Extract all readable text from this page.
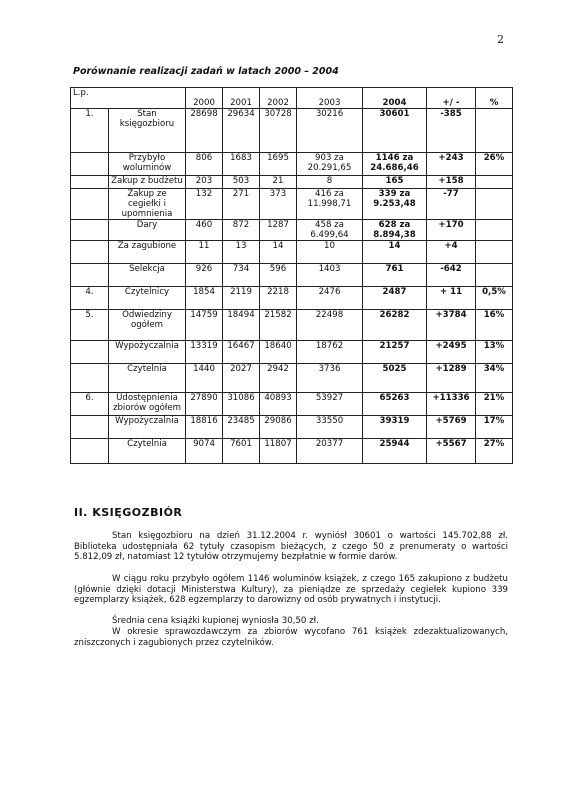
2
Porównanie realizacji zadań w latach 2000 – 2004
L.p.		2000	2001	2002	2003	2004	+/ -	%
1.	Stan księgozbioru	28698	29634	30728	30216	30601	-385	
	Przybyło woluminów	806	1683	1695	903 za 20.291,65	1146 za 24.686,46	+243	26%
	Zakup z budżetu	203	503	21	8	165	+158	
	Zakup ze cegiełki i upomnienia	132	271	373	416 za 11.998,71	339 za 9.253,48	-77	
	Dary	460	872	1287	458 za 6.499,64	628 za 8.894,38	+170	
	Za zagubione	11	13	14	10	14	+4	
	Selekcja	926	734	596	1403	761	-642	
4.	Czytelnicy	1854	2119	2218	2476	2487	+ 11	0,5%
5.	Odwiedziny ogółem	14759	18494	21582	22498	26282	+3784	16%
	Wypożyczalnia	13319	16467	18640	18762	21257	+2495	13%
	Czytelnia	1440	2027	2942	3736	5025	+1289	34%
6.	Udostępnienia zbiorów ogółem	27890	31086	40893	53927	65263	+11336	21%
	Wypożyczalnia	18816	23485	29086	33550	39319	+5769	17%
	Czytelnia	9074	7601	11807	20377	25944	+5567	27%
II. KSIĘGOZBIÓR
Stan księgozbioru na dzień 31.12.2004 r. wyniósł 30601 o wartości 145.702,88 zł. Biblioteka udostępniała 62 tytuły czasopism bieżących, z czego 50 z prenumeraty o wartości 5.812,09 zł, natomiast 12 tytułów otrzymujemy bezpłatnie w formie darów.
W ciągu roku przybyło ogółem 1146 woluminów książek, z czego 165 zakupiono z budżetu (głównie dzięki dotacji Ministerstwa Kultury), za pieniądze ze sprzedaży cegiełek kupiono 339 egzemplarzy książek, 628 egzemplarzy to darowizny od osób prywatnych i instytucji.
Średnia cena książki kupionej wyniosła 30,50 zł.
W okresie sprawozdawczym za zbiorów wycofano 761 książek zdezaktualizowanych, zniszczonych i zagubionych przez czytelników.
